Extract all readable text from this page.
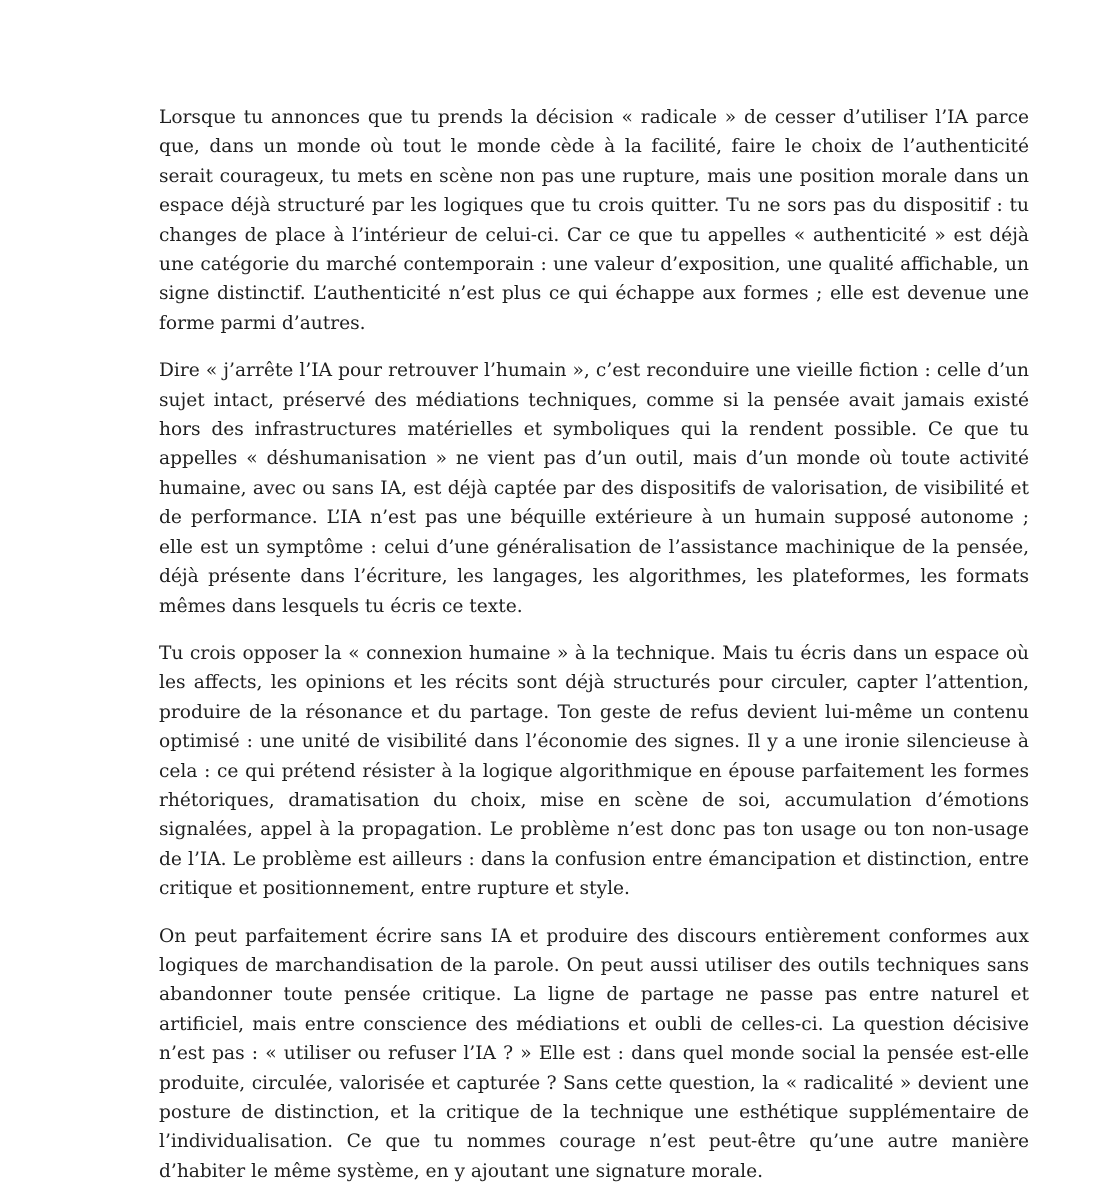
Lorsque tu annonces que tu prends la décision « radicale » de cesser d’utiliser l’IA parce que, dans un monde où tout le monde cède à la facilité, faire le choix de l’authenticité serait courageux, tu mets en scène non pas une rupture, mais une position morale dans un espace déjà structuré par les logiques que tu crois quitter. Tu ne sors pas du dispositif : tu changes de place à l’intérieur de celui-ci. Car ce que tu appelles « authenticité » est déjà une catégorie du marché contemporain : une valeur d’exposition, une qualité affichable, un signe distinctif. L’authenticité n’est plus ce qui échappe aux formes ; elle est devenue une forme parmi d’autres.

Dire « j’arrête l’IA pour retrouver l’humain », c’est reconduire une vieille fiction : celle d’un sujet intact, préservé des médiations techniques, comme si la pensée avait jamais existé hors des infrastructures matérielles et symboliques qui la rendent possible. Ce que tu appelles « déshumanisation » ne vient pas d’un outil, mais d’un monde où toute activité humaine, avec ou sans IA, est déjà captée par des dispositifs de valorisation, de visibilité et de performance. L’IA n’est pas une béquille extérieure à un humain supposé autonome ; elle est un symptôme : celui d’une généralisation de l’assistance machinique de la pensée, déjà présente dans l’écriture, les langages, les algorithmes, les plateformes, les formats mêmes dans lesquels tu écris ce texte.

Tu crois opposer la « connexion humaine » à la technique. Mais tu écris dans un espace où les affects, les opinions et les récits sont déjà structurés pour circuler, capter l’attention, produire de la résonance et du partage. Ton geste de refus devient lui-même un contenu optimisé : une unité de visibilité dans l’économie des signes. Il y a une ironie silencieuse à cela : ce qui prétend résister à la logique algorithmique en épouse parfaitement les formes rhétoriques, dramatisation du choix, mise en scène de soi, accumulation d’émotions signalées, appel à la propagation. Le problème n’est donc pas ton usage ou ton non-usage de l’IA. Le problème est ailleurs : dans la confusion entre émancipation et distinction, entre critique et positionnement, entre rupture et style.

On peut parfaitement écrire sans IA et produire des discours entièrement conformes aux logiques de marchandisation de la parole. On peut aussi utiliser des outils techniques sans abandonner toute pensée critique. La ligne de partage ne passe pas entre naturel et artificiel, mais entre conscience des médiations et oubli de celles-ci. La question décisive n’est pas : « utiliser ou refuser l’IA ? » Elle est : dans quel monde social la pensée est-elle produite, circulée, valorisée et capturée ? Sans cette question, la « radicalité » devient une posture de distinction, et la critique de la technique une esthétique supplémentaire de l’individualisation. Ce que tu nommes courage n’est peut-être qu’une autre manière d’habiter le même système, en y ajoutant une signature morale.
